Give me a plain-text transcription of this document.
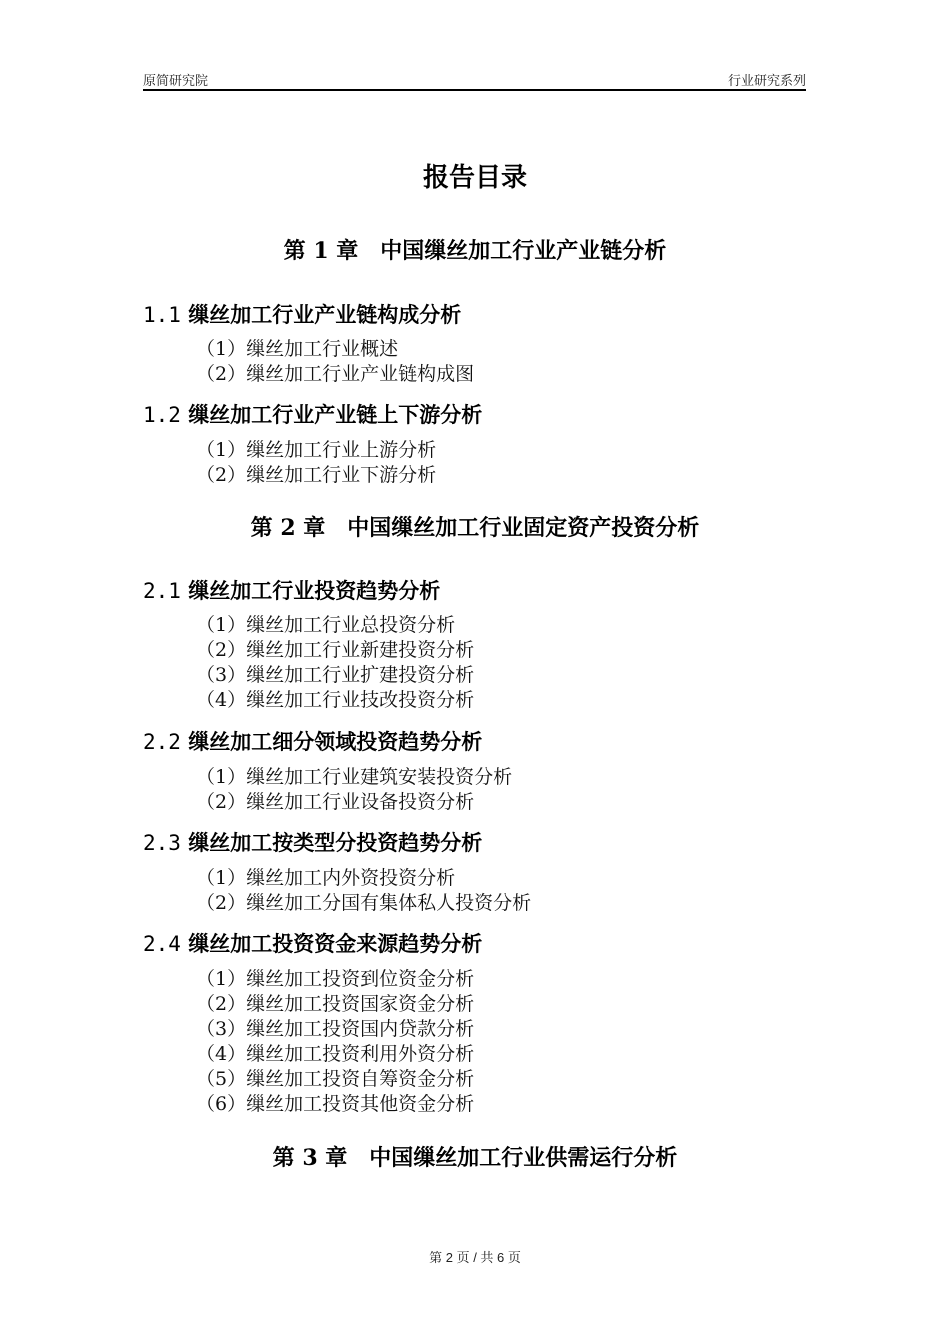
原简研究院	行业研究系列
报告目录
第 1 章　中国缫丝加工行业产业链分析
1.1 缫丝加工行业产业链构成分析
（1）缫丝加工行业概述
（2）缫丝加工行业产业链构成图
1.2 缫丝加工行业产业链上下游分析
（1）缫丝加工行业上游分析
（2）缫丝加工行业下游分析
第 2 章　中国缫丝加工行业固定资产投资分析
2.1 缫丝加工行业投资趋势分析
（1）缫丝加工行业总投资分析
（2）缫丝加工行业新建投资分析
（3）缫丝加工行业扩建投资分析
（4）缫丝加工行业技改投资分析
2.2 缫丝加工细分领域投资趋势分析
（1）缫丝加工行业建筑安装投资分析
（2）缫丝加工行业设备投资分析
2.3 缫丝加工按类型分投资趋势分析
（1）缫丝加工内外资投资分析
（2）缫丝加工分国有集体私人投资分析
2.4 缫丝加工投资资金来源趋势分析
（1）缫丝加工投资到位资金分析
（2）缫丝加工投资国家资金分析
（3）缫丝加工投资国内贷款分析
（4）缫丝加工投资利用外资分析
（5）缫丝加工投资自筹资金分析
（6）缫丝加工投资其他资金分析
第 3 章　中国缫丝加工行业供需运行分析
第 2 页 / 共 6 页
